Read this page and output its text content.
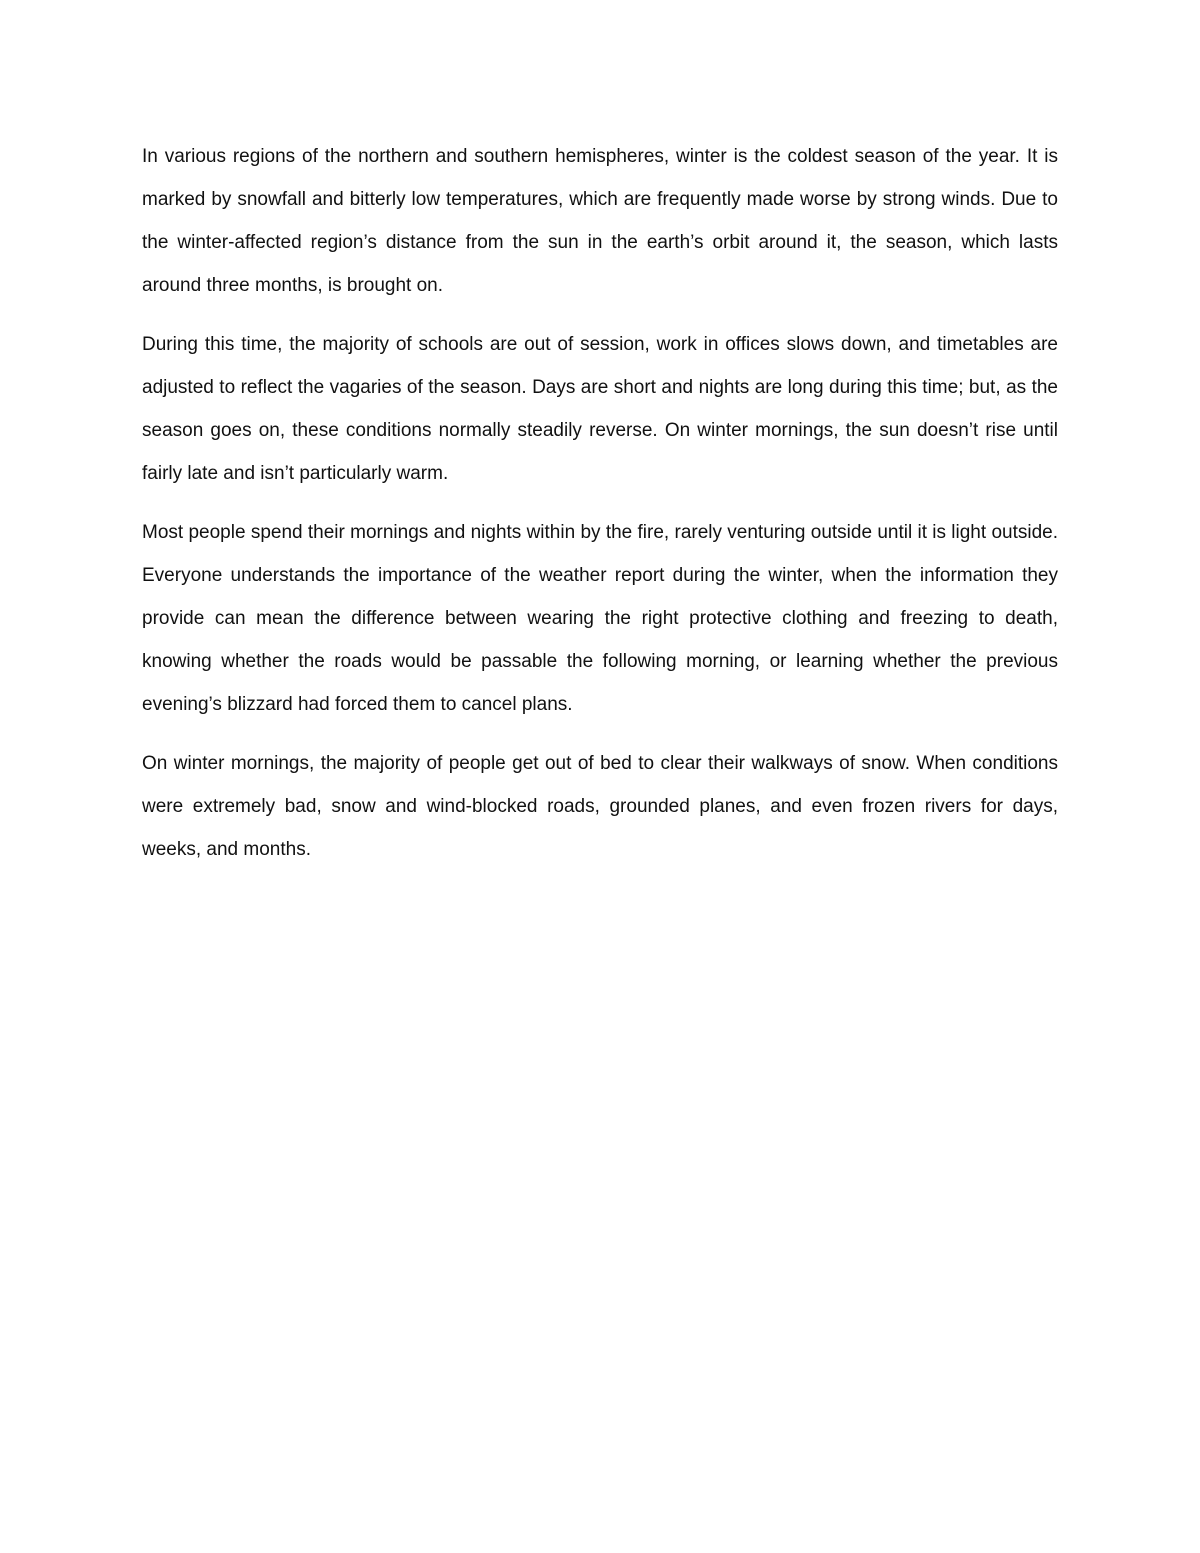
In various regions of the northern and southern hemispheres, winter is the coldest season of the year. It is marked by snowfall and bitterly low temperatures, which are frequently made worse by strong winds. Due to the winter-affected region’s distance from the sun in the earth’s orbit around it, the season, which lasts around three months, is brought on.

During this time, the majority of schools are out of session, work in offices slows down, and timetables are adjusted to reflect the vagaries of the season. Days are short and nights are long during this time; but, as the season goes on, these conditions normally steadily reverse. On winter mornings, the sun doesn’t rise until fairly late and isn’t particularly warm.

Most people spend their mornings and nights within by the fire, rarely venturing outside until it is light outside. Everyone understands the importance of the weather report during the winter, when the information they provide can mean the difference between wearing the right protective clothing and freezing to death, knowing whether the roads would be passable the following morning, or learning whether the previous evening’s blizzard had forced them to cancel plans.

On winter mornings, the majority of people get out of bed to clear their walkways of snow. When conditions were extremely bad, snow and wind-blocked roads, grounded planes, and even frozen rivers for days, weeks, and months.
